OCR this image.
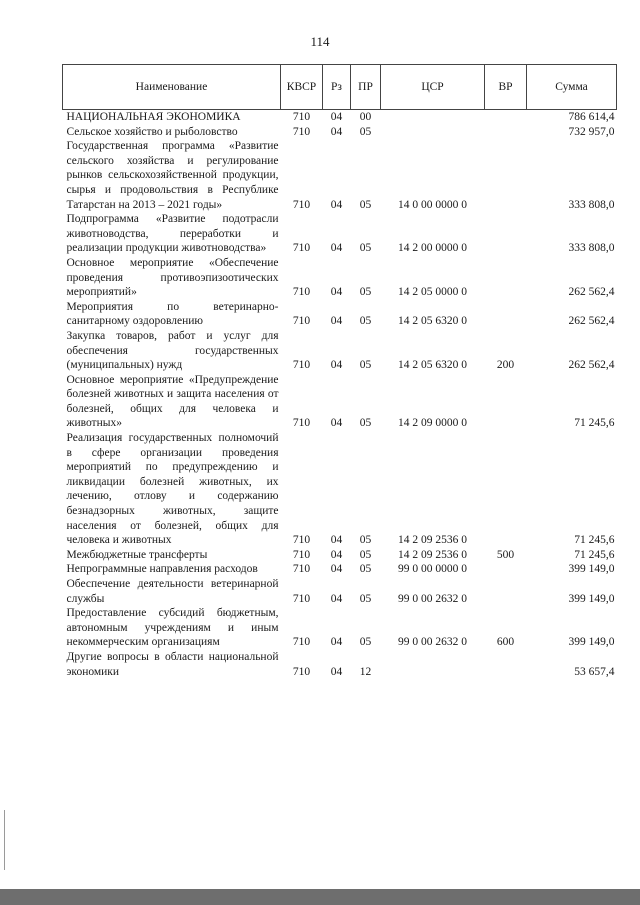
114
Наименование	КВСР	Рз	ПР	ЦСР	ВР	Сумма
НАЦИОНАЛЬНАЯ ЭКОНОМИКА	710	04	00			786 614,4
Сельское хозяйство и рыболовство	710	04	05			732 957,0
Государственная программа «Развитие сельского хозяйства и регулирование рынков сельскохозяйственной продукции, сырья и продовольствия в Республике Татарстан на 2013 – 2021 годы»	710	04	05	14 0 00 0000 0		333 808,0
Подпрограмма «Развитие подотрасли животноводства, переработки и реализации продукции животноводства»	710	04	05	14 2 00 0000 0		333 808,0
Основное мероприятие «Обеспечение проведения противоэпизоотических мероприятий»	710	04	05	14 2 05 0000 0		262 562,4
Мероприятия по ветеринарно-санитарному оздоровлению	710	04	05	14 2 05 6320 0		262 562,4
Закупка товаров, работ и услуг для обеспечения государственных (муниципальных) нужд	710	04	05	14 2 05 6320 0	200	262 562,4
Основное мероприятие «Предупреждение болезней животных и защита населения от болезней, общих для человека и животных»	710	04	05	14 2 09 0000 0		71 245,6
Реализация государственных полномочий в сфере организации проведения мероприятий по предупреждению и ликвидации болезней животных, их лечению, отлову и содержанию безнадзорных животных, защите населения от болезней, общих для человека и животных	710	04	05	14 2 09 2536 0		71 245,6
Межбюджетные трансферты	710	04	05	14 2 09 2536 0	500	71 245,6
Непрограммные направления расходов	710	04	05	99 0 00 0000 0		399 149,0
Обеспечение деятельности ветеринарной службы	710	04	05	99 0 00 2632 0		399 149,0
Предоставление субсидий бюджетным, автономным учреждениям и иным некоммерческим организациям	710	04	05	99 0 00 2632 0	600	399 149,0
Другие вопросы в области национальной экономики	710	04	12			53 657,4
